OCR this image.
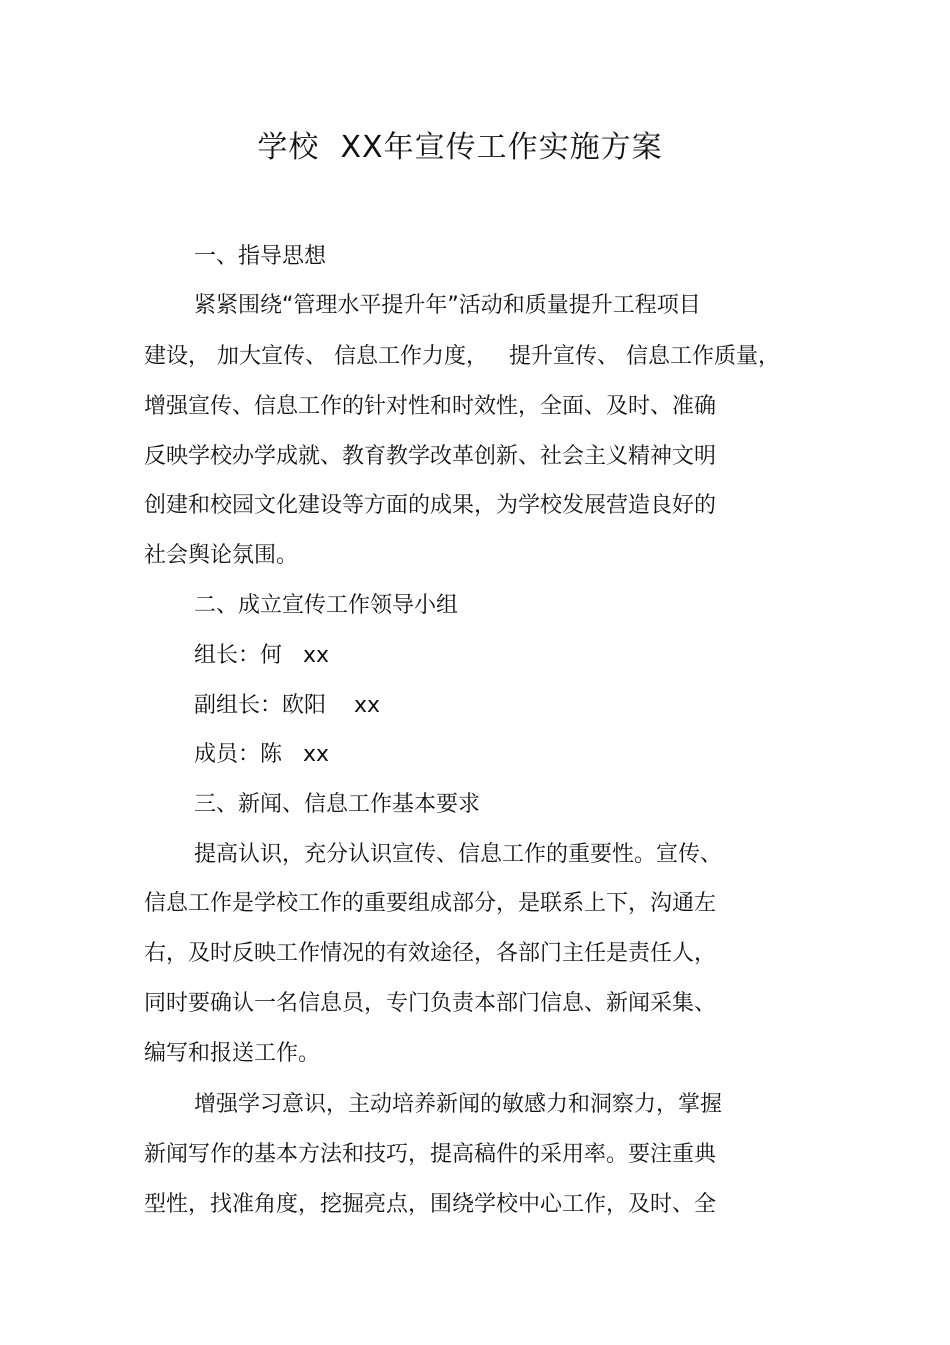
学校  XX年宣传工作实施方案
一、指导思想
紧紧围绕“管理水平提升年”活动和质量提升工程项目
建设， 加大宣传、 信息工作力度，   提升宣传、 信息工作质量，
增强宣传、信息工作的针对性和时效性，全面、及时、准确
反映学校办学成就、教育教学改革创新、社会主义精神文明
创建和校园文化建设等方面的成果，为学校发展营造良好的
社会舆论氛围。
二、成立宣传工作领导小组
组长：何   xx
副组长：欧阳    xx
成员：陈   xx
三、新闻、信息工作基本要求
提高认识，充分认识宣传、信息工作的重要性。宣传、
信息工作是学校工作的重要组成部分，是联系上下，沟通左
右，及时反映工作情况的有效途径，各部门主任是责任人，
同时要确认一名信息员，专门负责本部门信息、新闻采集、
编写和报送工作。
增强学习意识，主动培养新闻的敏感力和洞察力，掌握
新闻写作的基本方法和技巧，提高稿件的采用率。要注重典
型性，找准角度，挖掘亮点，围绕学校中心工作，及时、全
